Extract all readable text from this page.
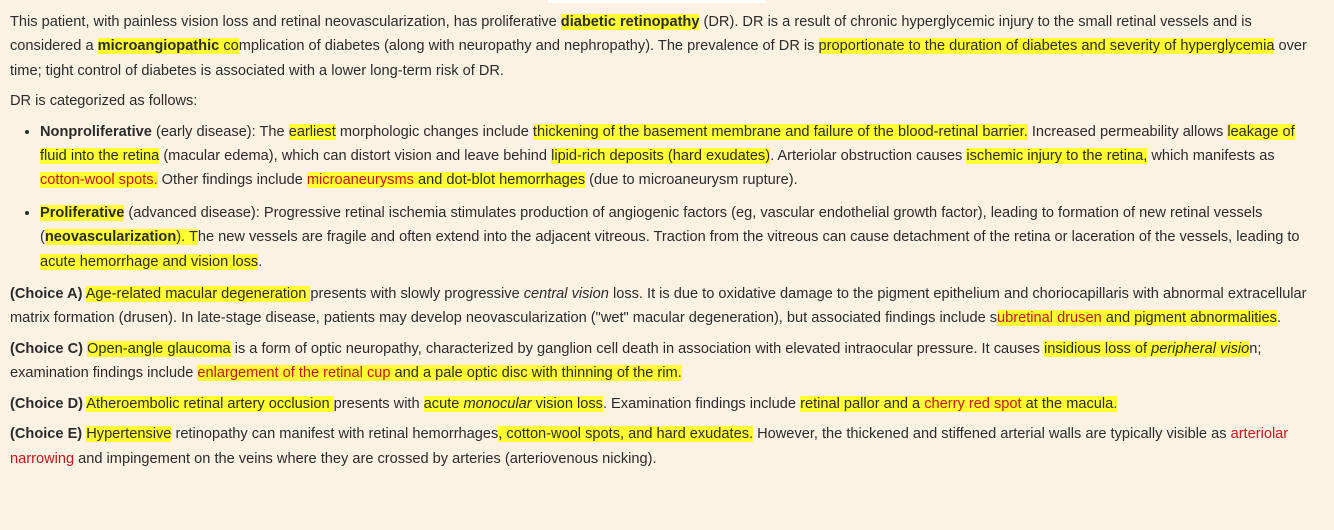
This patient, with painless vision loss and retinal neovascularization, has proliferative diabetic retinopathy (DR). DR is a result of chronic hyperglycemic injury to the small retinal vessels and is considered a microangiopathic complication of diabetes (along with neuropathy and nephropathy). The prevalence of DR is proportionate to the duration of diabetes and severity of hyperglycemia over time; tight control of diabetes is associated with a lower long-term risk of DR.

DR is categorized as follows:

• Nonproliferative (early disease): The earliest morphologic changes include thickening of the basement membrane and failure of the blood-retinal barrier. Increased permeability allows leakage of fluid into the retina (macular edema), which can distort vision and leave behind lipid-rich deposits (hard exudates). Arteriolar obstruction causes ischemic injury to the retina, which manifests as cotton-wool spots. Other findings include microaneurysms and dot-blot hemorrhages (due to microaneurysm rupture).
• Proliferative (advanced disease): Progressive retinal ischemia stimulates production of angiogenic factors (eg, vascular endothelial growth factor), leading to formation of new retinal vessels (neovascularization). The new vessels are fragile and often extend into the adjacent vitreous. Traction from the vitreous can cause detachment of the retina or laceration of the vessels, leading to acute hemorrhage and vision loss.

(Choice A) Age-related macular degeneration presents with slowly progressive central vision loss. It is due to oxidative damage to the pigment epithelium and choriocapillaris with abnormal extracellular matrix formation (drusen). In late-stage disease, patients may develop neovascularization ("wet" macular degeneration), but associated findings include subretinal drusen and pigment abnormalities.

(Choice C) Open-angle glaucoma is a form of optic neuropathy, characterized by ganglion cell death in association with elevated intraocular pressure. It causes insidious loss of peripheral vision; examination findings include enlargement of the retinal cup and a pale optic disc with thinning of the rim.

(Choice D) Atheroembolic retinal artery occlusion presents with acute monocular vision loss. Examination findings include retinal pallor and a cherry red spot at the macula.

(Choice E) Hypertensive retinopathy can manifest with retinal hemorrhages, cotton-wool spots, and hard exudates. However, the thickened and stiffened arterial walls are typically visible as arteriolar narrowing and impingement on the veins where they are crossed by arteries (arteriovenous nicking).
